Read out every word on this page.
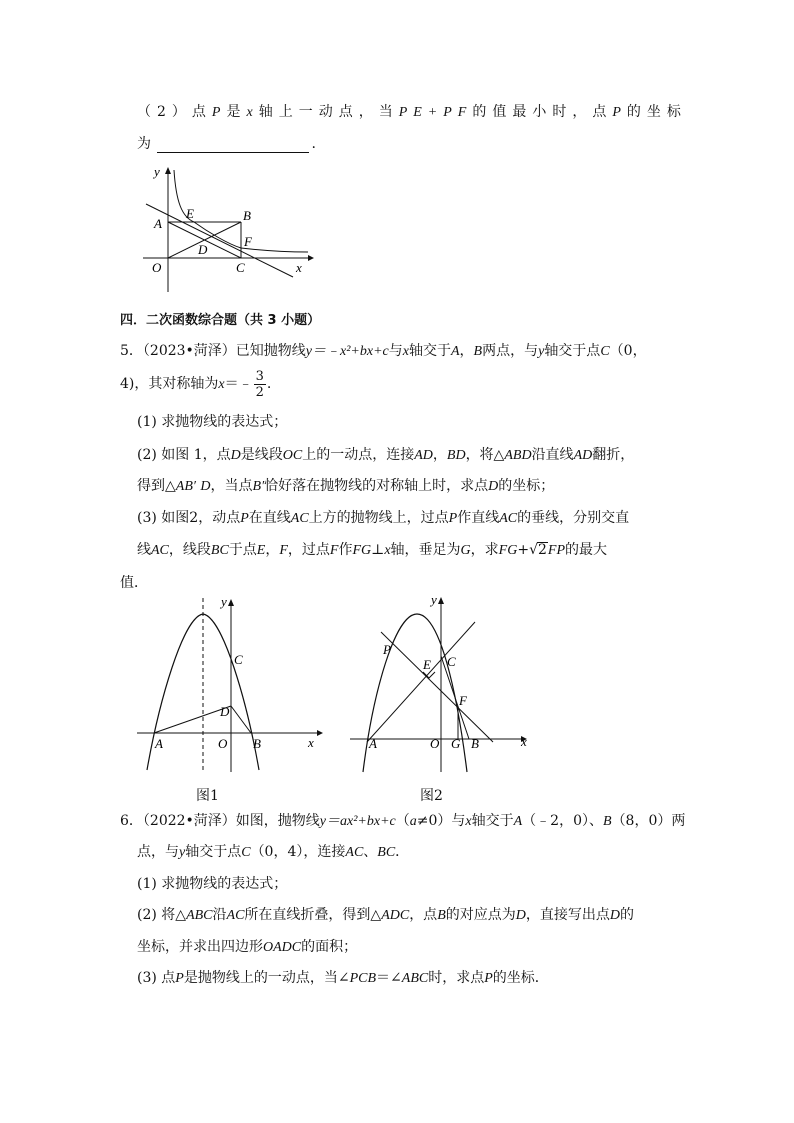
（2）点P是x轴上一动点，当PE+PF的值最小时，点P的坐标
为	.
y
x
O
A
E	B
D
F
C
四．二次函数综合题（共 3 小题）
5．（2023•菏泽）已知抛物线y＝﹣x²+bx+c与x轴交于A，B两点，与y轴交于点C（0，
4)，其对称轴为x＝﹣ $\frac{3}{2}$ .
(1) 求抛物线的表达式；
(2) 如图 1，点D是线段OC上的一动点，连接AD，BD，将△ABD沿直线AD翻折，
得到△AB′ D，当点B′恰好落在抛物线的对称轴上时，求点D的坐标；
(3) 如图2，动点P在直线AC上方的抛物线上，过点P作直线AC的垂线，分别交直
线AC，线段BC于点E，F，过点F作FG⊥x轴，垂足为G，求FG+√2FP的最大
值．
y
x
C
D
A	O B
图1
y
x
P
E C
F
A	O G B
图2
6．（2022•菏泽）如图，抛物线y＝ax²+bx+c（a≠0）与x轴交于A（﹣2，0）、B（8，0）两
点，与y轴交于点C（0，4），连接AC、BC．
(1) 求抛物线的表达式；
(2) 将△ABC沿AC所在直线折叠，得到△ADC，点B的对应点为D，直接写出点D的
坐标，并求出四边形OADC的面积；
(3) 点P是抛物线上的一动点，当∠PCB＝∠ABC时，求点P的坐标．
